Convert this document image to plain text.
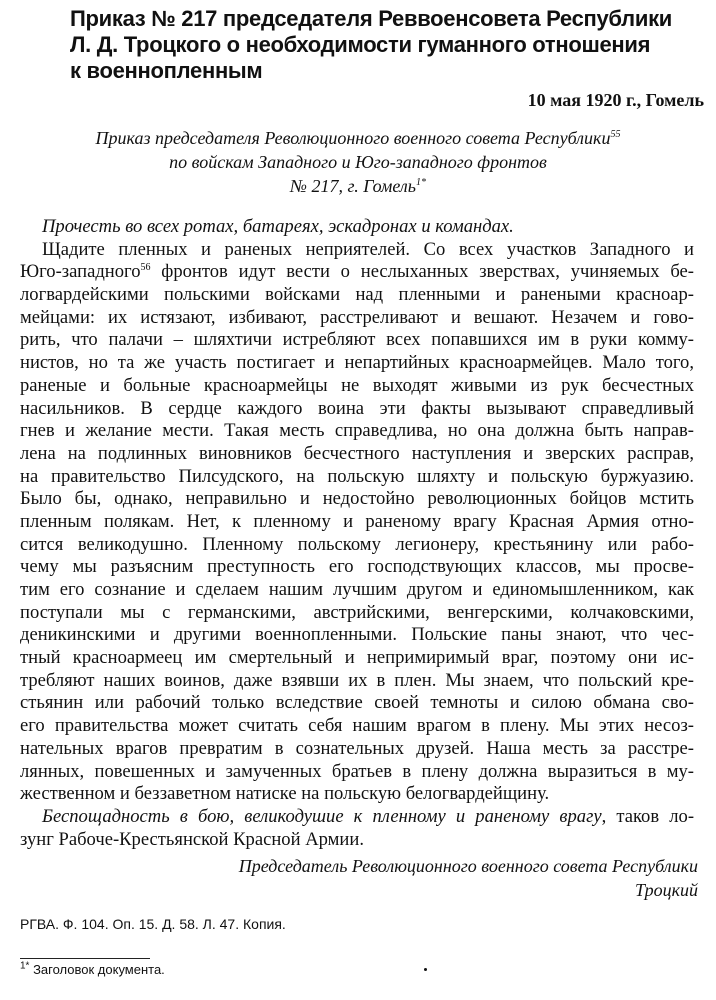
Приказ № 217 председателя Реввоенсовета Республики
Л. Д. Троцкого о необходимости гуманного отношения
к военнопленным
10 мая 1920 г., Гомель
Приказ председателя Революционного военного совета Республики$^{55}$
по войскам Западного и Юго-западного фронтов
№ 217, г. Гомель$^{1*}$
Прочесть во всех ротах, батареях, эскадронах и командах.
Щадите пленных и раненых неприятелей. Со всех участков Западного и
Юго-западного$^{56}$ фронтов идут вести о неслыханных зверствах, учиняемых бе-
логвардейскими польскими войсками над пленными и ранеными красноар-
мейцами: их истязают, избивают, расстреливают и вешают. Незачем и гово-
рить, что палачи – шляхтичи истребляют всех попавшихся им в руки комму-
нистов, но та же участь постигает и непартийных красноармейцев. Мало того,
раненые и больные красноармейцы не выходят живыми из рук бесчестных
насильников. В сердце каждого воина эти факты вызывают справедливый
гнев и желание мести. Такая месть справедлива, но она должна быть направ-
лена на подлинных виновников бесчестного наступления и зверских расправ,
на правительство Пилсудского, на польскую шляхту и польскую буржуазию.
Было бы, однако, неправильно и недостойно революционных бойцов мстить
пленным полякам. Нет, к пленному и раненому врагу Красная Армия отно-
сится великодушно. Пленному польскому легионеру, крестьянину или рабо-
чему мы разъясним преступность его господствующих классов, мы просве-
тим его сознание и сделаем нашим лучшим другом и единомышленником, как
поступали мы с германскими, австрийскими, венгерскими, колчаковскими,
деникинскими и другими военнопленными. Польские паны знают, что чес-
тный красноармеец им смертельный и непримиримый враг, поэтому они ис-
требляют наших воинов, даже взявши их в плен. Мы знаем, что польский кре-
стьянин или рабочий только вследствие своей темноты и силою обмана сво-
его правительства может считать себя нашим врагом в плену. Мы этих несоз-
нательных врагов превратим в сознательных друзей. Наша месть за расстре-
лянных, повешенных и замученных братьев в плену должна выразиться в му-
жественном и беззаветном натиске на польскую белогвардейщину.
Беспощадность в бою, великодушие к пленному и раненому врагу, таков ло-
зунг Рабоче-Крестьянской Красной Армии.
Председатель Революционного военного совета Республики
Троцкий
РГВА. Ф. 104. Оп. 15. Д. 58. Л. 47. Копия.
$^{1*}$ Заголовок документа.
